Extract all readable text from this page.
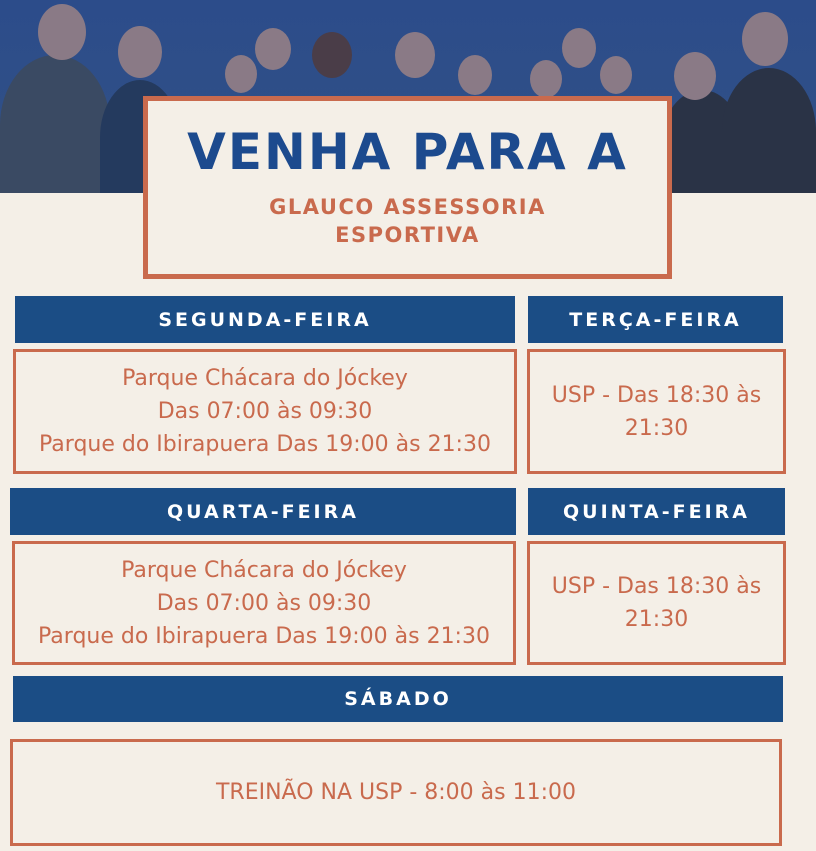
VENHA PARA A
GLAUCO ASSESSORIA
ESPORTIVA
SEGUNDA-FEIRA
Parque Chácara do Jóckey
Das 07:00 às 09:30
Parque do Ibirapuera Das 19:00 às 21:30
TERÇA-FEIRA
USP - Das 18:30 às
21:30
QUARTA-FEIRA
Parque Chácara do Jóckey
Das 07:00 às 09:30
Parque do Ibirapuera Das 19:00 às 21:30
QUINTA-FEIRA
USP - Das 18:30 às
21:30
SÁBADO
TREINÃO NA USP - 8:00 às 11:00
